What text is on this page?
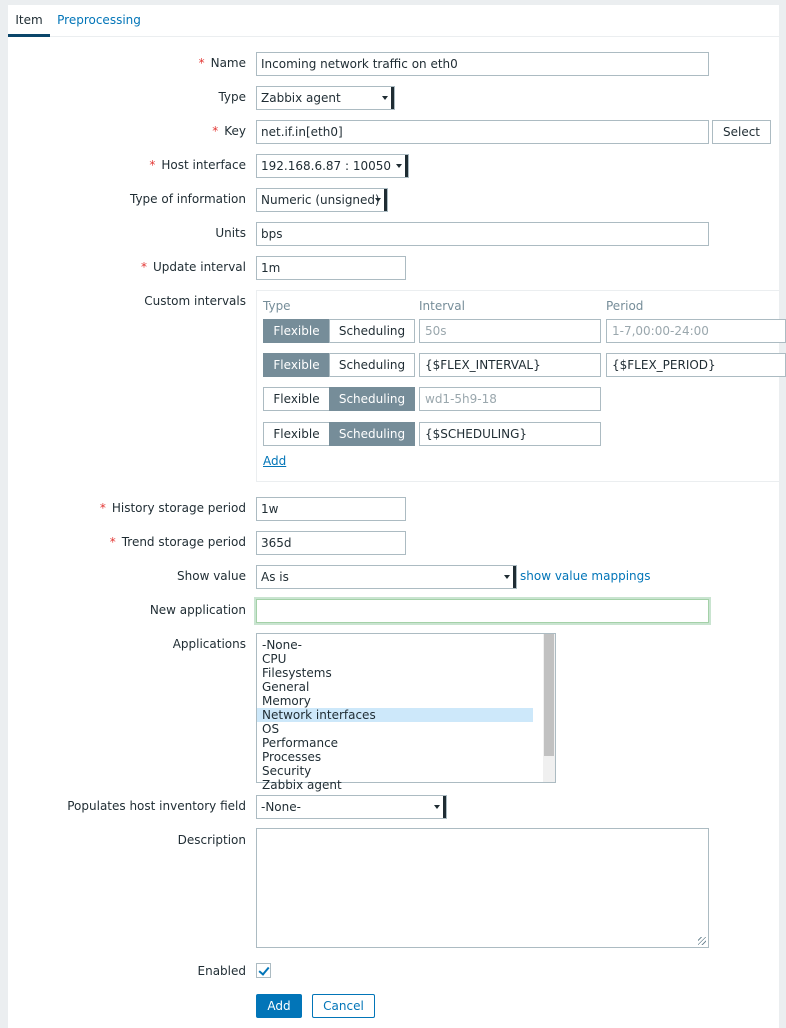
Item	Preprocessing
* Name	Incoming network traffic on eth0
Type	Zabbix agent
* Key	net.if.in[eth0]	Select
* Host interface	192.168.6.87 : 10050
Type of information	Numeric (unsigned)
Units	bps
* Update interval	1m
Custom intervals Type	Interval	Period
Flexible	Scheduling	50s	1-7,00:00-24:00
Flexible	Scheduling	{$FLEX_INTERVAL}	{$FLEX_PERIOD}
Flexible	Scheduling	wd1-5h9-18
Flexible	Scheduling	{$SCHEDULING}
Add
* History storage period	1w
* Trend storage period	365d
Show value	As is	show value mappings
New application
Applications	-None-
CPU
Filesystems
General
Memory
Network interfaces
OS
Performance
Processes
Security
Zabbix agent
Populates host inventory field	-None-
Description
Enabled
Add	Cancel
